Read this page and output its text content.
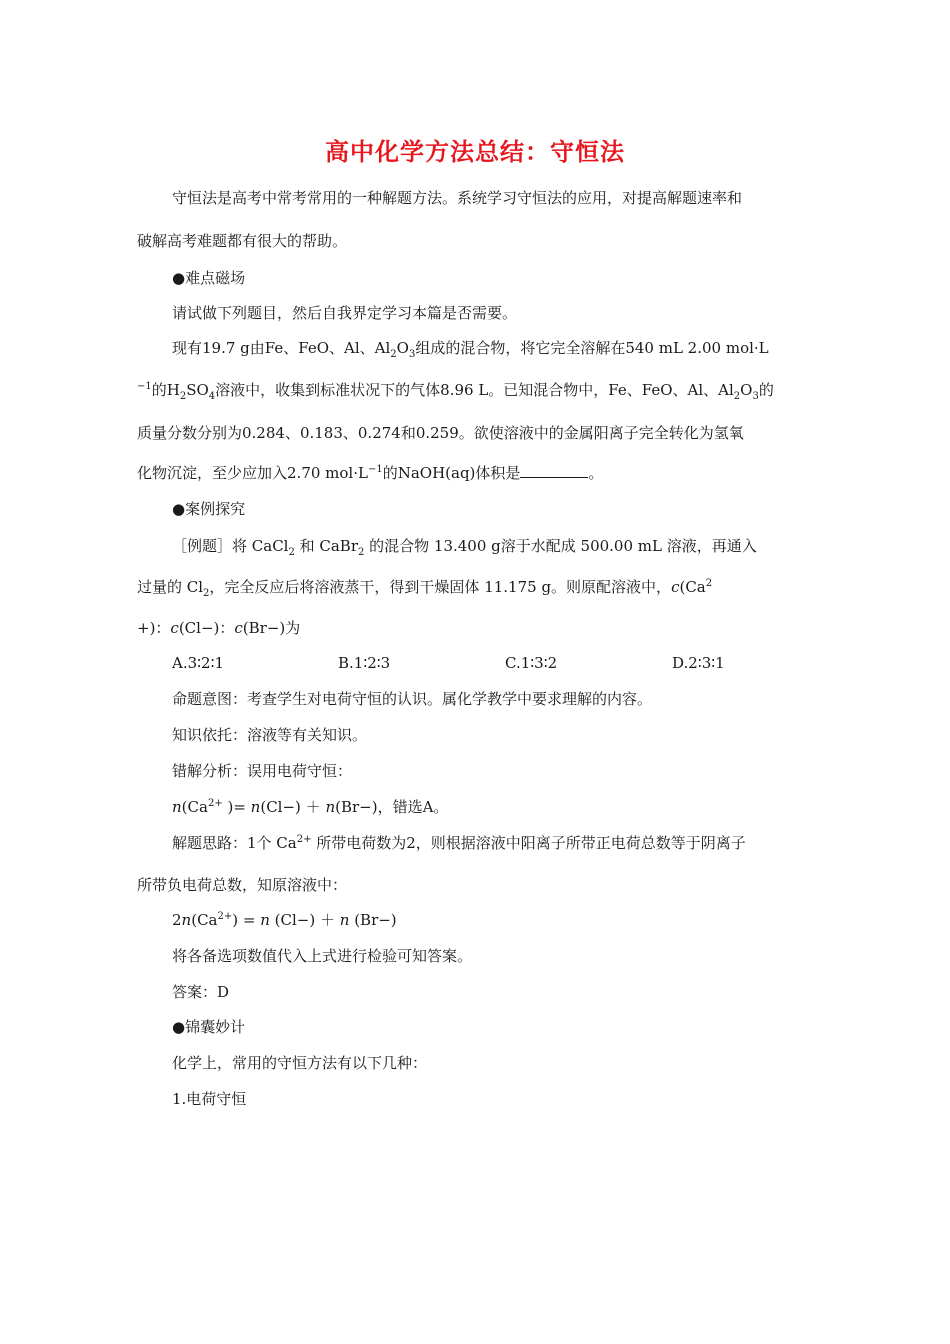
高中化学方法总结：守恒法
守恒法是高考中常考常用的一种解题方法。系统学习守恒法的应用，对提高解题速率和
破解高考难题都有很大的帮助。
●难点磁场
请试做下列题目，然后自我界定学习本篇是否需要。
现有19.7 g由Fe、FeO、Al、$Al_2O_3$组成的混合物，将它完全溶解在540 mL 2.00 mol·L
$^{-1}$的$H_2SO_4$溶液中，收集到标准状况下的气体8.96 L。已知混合物中，Fe、FeO、Al、$Al_2O_3$的
质量分数分别为0.284、0.183、0.274和0.259。欲使溶液中的金属阳离子完全转化为氢氧
化物沉淀，至少应加入2.70 $mol\cdot L^{-1}$的NaOH(aq)体积是	。
●案例探究
［例题］将 CaCl$_2$ 和 CaBr$_2$ 的混合物 13.400 g溶于水配成 500.00 mL 溶液，再通入
过量的 $Cl_2$，完全反应后将溶液蒸干，得到干燥固体 11.175 g。则原配溶液中，$c(Ca^2$
+)：c(Cl−)：c(Br−)为
A.3∶2∶1	B.1∶2∶3	C.1∶3∶2	D.2∶3∶1
命题意图：考查学生对电荷守恒的认识。属化学教学中要求理解的内容。
知识依托：溶液等有关知识。
错解分析：误用电荷守恒：
$n(Ca^{2+}$ )= n(Cl−) ＋ n(Br−)，错选A。
解题思路：1个 $Ca^{2+}$ 所带电荷数为2，则根据溶液中阳离子所带正电荷总数等于阴离子
所带负电荷总数，知原溶液中：
$2n(Ca^{2+}) = n$ (Cl−) ＋ n (Br−)
将各备选项数值代入上式进行检验可知答案。
答案：D
●锦囊妙计
化学上，常用的守恒方法有以下几种：
1.电荷守恒
